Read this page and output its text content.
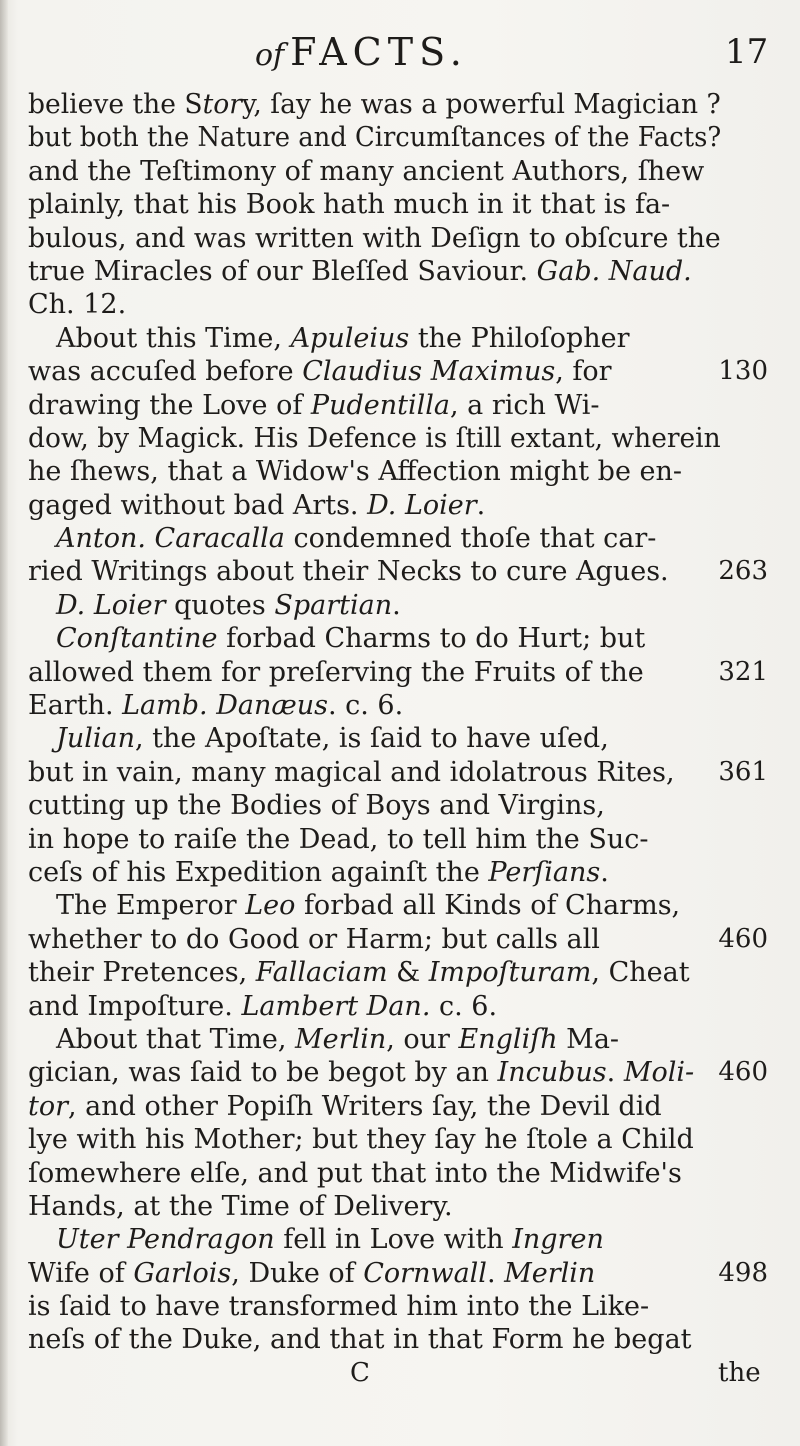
of FACTS.	17
believe the Story, ſay he was a powerful Magician ?
but both the Nature and Circumſtances of the Facts?
and the Teſtimony of many ancient Authors, ſhew
plainly, that his Book hath much in it that is fa-
bulous, and was written with Deſign to obſcure the
true Miracles of our Bleſſed Saviour. Gab. Naud.
Ch. 12.
About this Time, Apuleius the Philoſopher
was accuſed before Claudius Maximus, for	130
drawing the Love of Pudentilla, a rich Wi-
dow, by Magick. His Defence is ſtill extant, wherein
he ſhews, that a Widow's Affection might be en-
gaged without bad Arts. D. Loier.
Anton. Caracalla condemned thoſe that car-
ried Writings about their Necks to cure Agues. 263
D. Loier quotes Spartian.
Conſtantine forbad Charms to do Hurt; but
allowed them for preſerving the Fruits of the	321
Earth. Lamb. Danæus. c. 6.
Julian, the Apoſtate, is ſaid to have uſed,
but in vain, many magical and idolatrous Rites, 361
cutting up the Bodies of Boys and Virgins,
in hope to raiſe the Dead, to tell him the Suc-
ceſs of his Expedition againſt the Perſians.
The Emperor Leo forbad all Kinds of Charms,
whether to do Good or Harm; but calls all	460
their Pretences, Fallaciam & Impoſturam, Cheat
and Impoſture. Lambert Dan. c. 6.
About that Time, Merlin, our Engliſh Ma-
gician, was ſaid to be begot by an Incubus. Moli- 460
tor, and other Popiſh Writers ſay, the Devil did
lye with his Mother; but they ſay he ſtole a Child
ſomewhere elſe, and put that into the Midwife's
Hands, at the Time of Delivery.
Uter Pendragon fell in Love with Ingren
Wife of Garlois, Duke of Cornwall. Merlin	498
is ſaid to have transformed him into the Like-
neſs of the Duke, and that in that Form he begat
C	the
